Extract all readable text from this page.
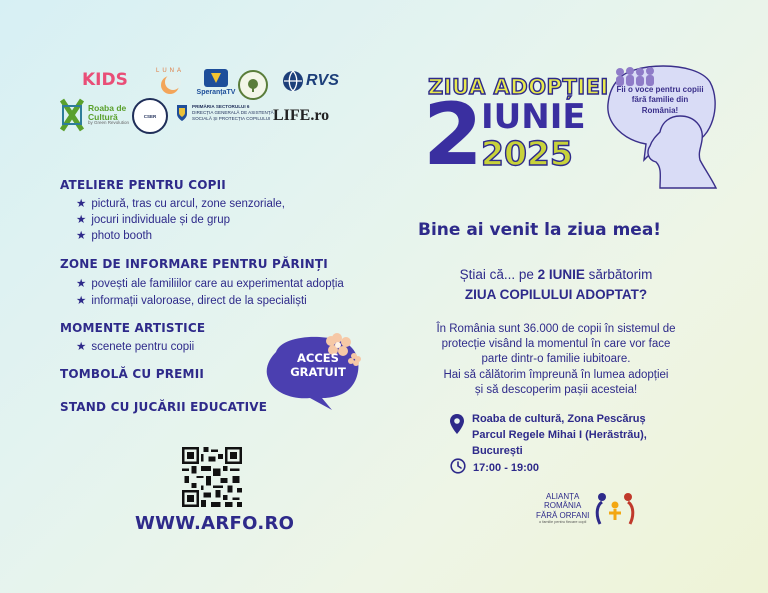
KIDS	LUNA
SperanțaTV
RVS
Roaba de Cultură
by Green Revolution
CSER
PRIMĂRIA SECTORULUI 6
DIRECȚIA GENERALĂ DE ASISTENȚĂ
SOCIALĂ ȘI PROTECȚIA COPILULUI LIFE.ro
ATELIERE PENTRU COPII
★ pictură, tras cu arcul, zone senzoriale,
★ jocuri individuale și de grup
★ photo booth
ZONE DE INFORMARE PENTRU PĂRINȚI
★ povești ale familiilor care au experimentat adopția
★ informații valoroase, direct de la specialiști
MOMENTE ARTISTICE
★ scenete pentru copii
TOMBOLĂ CU PREMII
STAND CU JUCĂRII EDUCATIVE
ACCES
GRATUIT
WWW.ARFO.RO
ZIUA ADOPȚIEI
2
IUNIE
2025
Fii o voce pentru copiii fără familie din România!
Bine ai venit la ziua mea!
Știai că... pe 2 IUNIE sărbătorim
ZIUA COPILULUI ADOPTAT?
În România sunt 36.000 de copii în sistemul de
protecție visând la momentul în care vor face
parte dintr-o familie iubitoare.
Hai să călătorim împreună în lumea adopției
și să descoperim pașii acesteia!
Roaba de cultură, Zona Pescăruș
Parcul Regele Mihai I (Herăstrău),
București
17:00 - 19:00
ALIANȚA
ROMÂNIA
FĂRĂ ORFANI
o familie pentru fiecare copil
